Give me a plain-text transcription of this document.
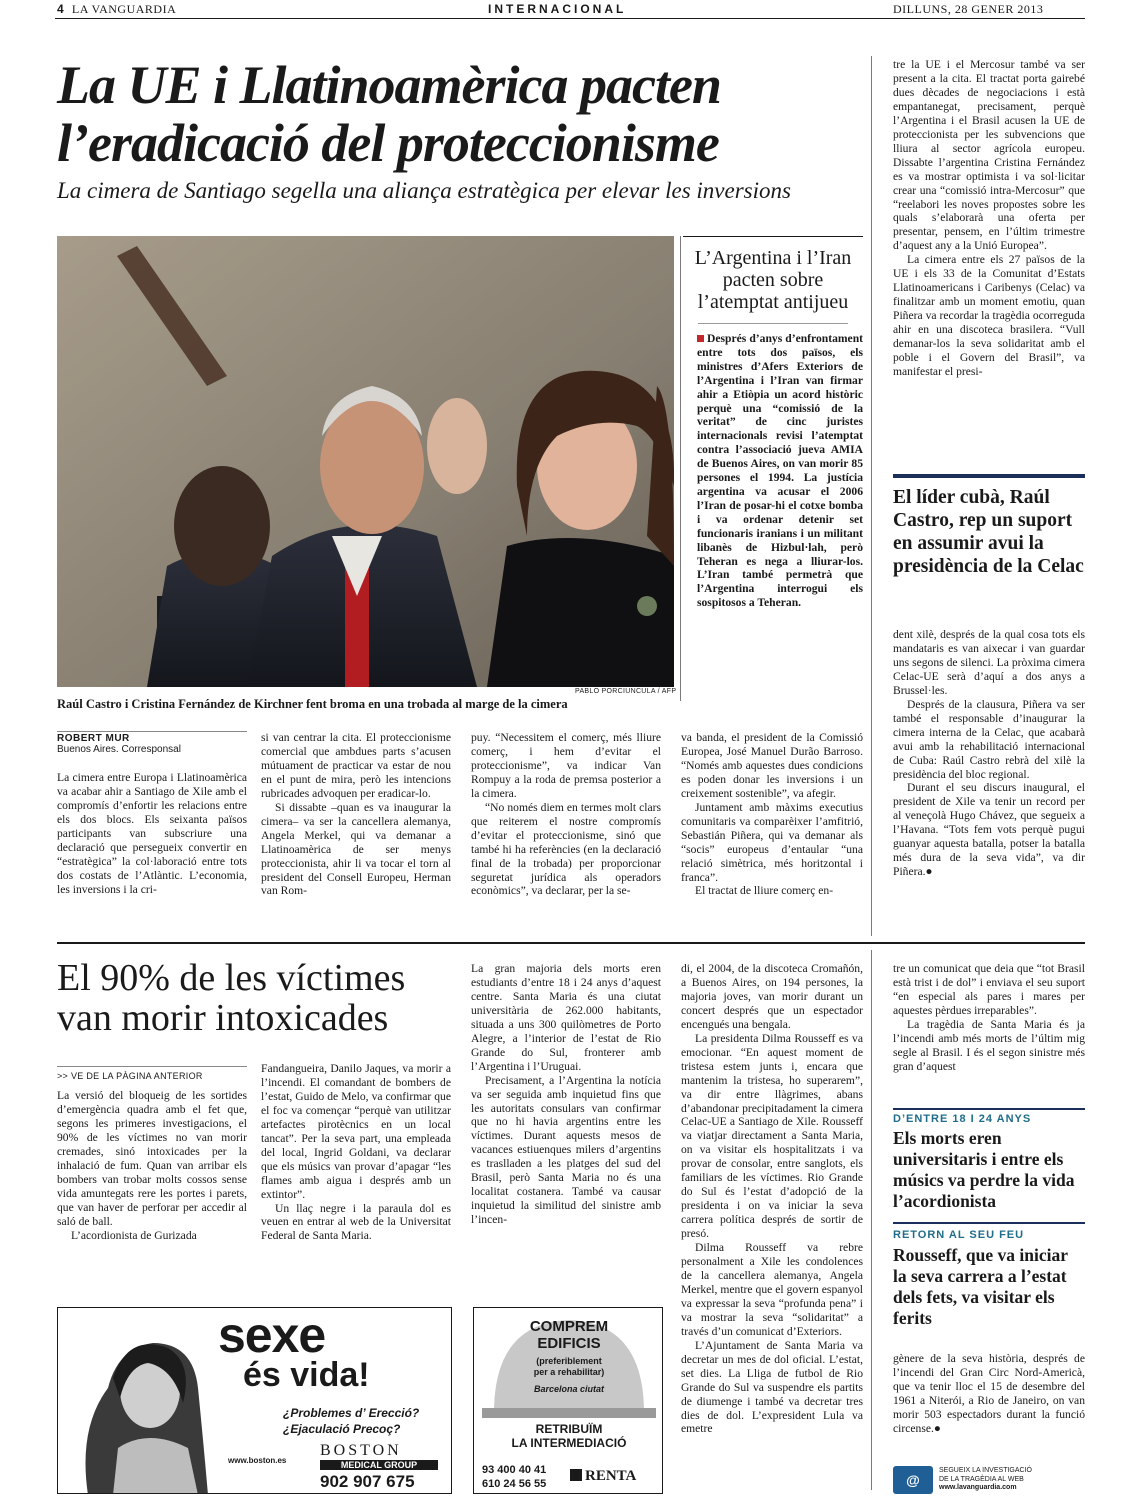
4 LA VANGUARDIA	INTERNACIONAL	DILLUNS, 28 GENER 2013
La UE i Llatinoamèrica pacten
l’eradicació del proteccionisme
La cimera de Santiago segella una aliança estratègica per elevar les inversions
PABLO PORCIUNCULA / AFP
Raúl Castro i Cristina Fernández de Kirchner fent broma en una trobada al marge de la cimera
L’Argentina i l’Iran pacten sobre l’atemptat antijueu
Després d’anys d’enfrontament entre tots dos països, els ministres d’Afers Exteriors de l’Argentina i l’Iran van firmar ahir a Etiòpia un acord històric perquè una “comissió de la veritat” de cinc juristes internacionals revisi l’atemptat contra l’associació jueva AMIA de Buenos Aires, on van morir 85 persones el 1994. La justícia argentina va acusar el 2006 l’Iran de posar-hi el cotxe bomba i va ordenar detenir set funcionaris iranians i un militant libanès de Hizbul·lah, però Teheran es nega a lliurar-los. L’Iran també permetrà que l’Argentina interrogui els sospitosos a Teheran.

tre la UE i el Mercosur també va ser present a la cita. El tractat porta gairebé dues dècades de negociacions i està empantanegat, precisament, perquè l’Argentina i el Brasil acusen la UE de proteccionista per les subvencions que lliura al sector agrícola europeu. Dissabte l’argentina Cristina Fernández es va mostrar optimista i va sol·licitar crear una “comissió intra-Mercosur” que “reelabori les noves propostes sobre les quals s’elaborarà una oferta per presentar, pensem, en l’últim trimestre d’aquest any a la Unió Europea”.

La cimera entre els 27 països de la UE i els 33 de la Comunitat d’Estats Llatinoamericans i Caribenys (Celac) va finalitzar amb un moment emotiu, quan Piñera va recordar la tragèdia ocorreguda ahir en una discoteca brasilera. “Vull demanar-los la seva solidaritat amb el poble i el Govern del Brasil”, va manifestar el presi-

El líder cubà, Raúl Castro, rep un suport en assumir avui la presidència de la Celac

dent xilè, després de la qual cosa tots els mandataris es van aixecar i van guardar uns segons de silenci. La pròxima cimera Celac-UE serà d’aquí a dos anys a Brussel·les.

Després de la clausura, Piñera va ser també el responsable d’inaugurar la cimera interna de la Celac, que acabarà avui amb la rehabilitació internacional de Cuba: Raúl Castro rebrà del xilè la presidència del bloc regional.

Durant el seu discurs inaugural, el president de Xile va tenir un record per al veneçolà Hugo Chávez, que segueix a l’Havana. “Tots fem vots perquè pugui guanyar aquesta batalla, potser la batalla més dura de la seva vida”, va dir Piñera.●

ROBERT MUR
Buenos Aires. Corresponsal

La cimera entre Europa i Llatinoamèrica va acabar ahir a Santiago de Xile amb el compromís d’enfortir les relacions entre els dos blocs. Els seixanta països participants van subscriure una declaració que persegueix convertir en “estratègica” la col·laboració entre tots dos costats de l’Atlàntic. L’economia, les inversions i la cri-

si van centrar la cita. El proteccionisme comercial que ambdues parts s’acusen mútuament de practicar va estar de nou en el punt de mira, però les intencions rubricades advoquen per eradicar-lo.

Si dissabte –quan es va inaugurar la cimera– va ser la cancellera alemanya, Angela Merkel, qui va demanar a Llatinoamèrica de ser menys proteccionista, ahir li va tocar el torn al president del Consell Europeu, Herman van Rom-

puy. “Necessitem el comerç, més lliure comerç, i hem d’evitar el proteccionisme”, va indicar Van Rompuy a la roda de premsa posterior a la cimera.

“No només diem en termes molt clars que reiterem el nostre compromís d’evitar el proteccionisme, sinó que també hi ha referències (en la declaració final de la trobada) per proporcionar seguretat jurídica als operadors econòmics”, va declarar, per la se-

va banda, el president de la Comissió Europea, José Manuel Durão Barroso. “Només amb aquestes dues condicions es poden donar les inversions i un creixement sostenible”, va afegir.

Juntament amb màxims executius comunitaris va comparèixer l’amfitrió, Sebastián Piñera, qui va demanar als “socis” europeus d’entaular “una relació simètrica, més horitzontal i franca”.

El tractat de lliure comerç en-

El 90% de les víctimes
van morir intoxicades
>> VE DE LA PÀGINA ANTERIOR

La versió del bloqueig de les sortides d’emergència quadra amb el fet que, segons les primeres investigacions, el 90% de les víctimes no van morir cremades, sinó intoxicades per la inhalació de fum. Quan van arribar els bombers van trobar molts cossos sense vida amuntegats rere les portes i parets, que van haver de perforar per accedir al saló de ball.

L’acordionista de Gurizada

Fandangueira, Danilo Jaques, va morir a l’incendi. El comandant de bombers de l’estat, Guido de Melo, va confirmar que el foc va començar “perquè van utilitzar artefactes pirotècnics en un local tancat”. Per la seva part, una empleada del local, Ingrid Goldani, va declarar que els músics van provar d’apagar “les flames amb aigua i després amb un extintor”.

Un llaç negre i la paraula dol es veuen en entrar al web de la Universitat Federal de Santa Maria.

La gran majoria dels morts eren estudiants d’entre 18 i 24 anys d’aquest centre. Santa Maria és una ciutat universitària de 262.000 habitants, situada a uns 300 quilòmetres de Porto Alegre, a l’interior de l’estat de Rio Grande do Sul, fronterer amb l’Argentina i l’Uruguai.

Precisament, a l’Argentina la notícia va ser seguida amb inquietud fins que les autoritats consulars van confirmar que no hi havia argentins entre les víctimes. Durant aquests mesos de vacances estiuenques milers d’argentins es traslladen a les platges del sud del Brasil, però Santa Maria no és una localitat costanera. També va causar inquietud la similitud del sinistre amb l’incen-

di, el 2004, de la discoteca Cromañón, a Buenos Aires, on 194 persones, la majoria joves, van morir durant un concert després que un espectador encengués una bengala.

La presidenta Dilma Rousseff es va emocionar. “En aquest moment de tristesa estem junts i, encara que mantenim la tristesa, ho superarem”, va dir entre llàgrimes, abans d’abandonar precipitadament la cimera Celac-UE a Santiago de Xile. Rousseff va viatjar directament a Santa Maria, on va visitar els hospitalitzats i va provar de consolar, entre sanglots, els familiars de les víctimes. Rio Grande do Sul és l’estat d’adopció de la presidenta i on va iniciar la seva carrera política després de sortir de presó.

Dilma Rousseff va rebre personalment a Xile les condolences de la cancellera alemanya, Angela Merkel, mentre que el govern espanyol va expressar la seva “profunda pena” i va mostrar la seva “solidaritat” a través d’un comunicat d’Exteriors.

L’Ajuntament de Santa Maria va decretar un mes de dol oficial. L’estat, set dies. La Lliga de futbol de Rio Grande do Sul va suspendre els partits de diumenge i també va decretar tres dies de dol. L’expresident Lula va emetre

tre un comunicat que deia que “tot Brasil està trist i de dol” i enviava el seu suport “en especial als pares i mares per aquestes pèrdues irreparables”.

La tragèdia de Santa Maria és ja l’incendi amb més morts de l’últim mig segle al Brasil. I és el segon sinistre més gran d’aquest

D’ENTRE 18 I 24 ANYS
Els morts eren universitaris i entre els músics va perdre la vida l’acordionista
RETORN AL SEU FEU
Rousseff, que va iniciar la seva carrera a l’estat dels fets, va visitar els ferits

gènere de la seva història, després de l’incendi del Gran Circ Nord-Americà, que va tenir lloc el 15 de desembre del 1961 a Niterói, a Rio de Janeiro, on van morir 503 espectadors durant la funció circense.●

@
SEGUEIX LA INVESTIGACIÓ
DE LA TRAGÈDIA AL WEB
www.lavanguardia.com
sexe
és vida!
¿Problemes d’ Erecció?
¿Ejaculació Precoç?
www.boston.es
BOSTON
MEDICAL GROUP
902 907 675
COMPREM
EDIFICIS
(preferiblement
per a rehabilitar)
Barcelona ciutat
RETRIBUÏM
LA INTERMEDIACIÓ
93 400 40 41
610 24 56 55	RENTA
